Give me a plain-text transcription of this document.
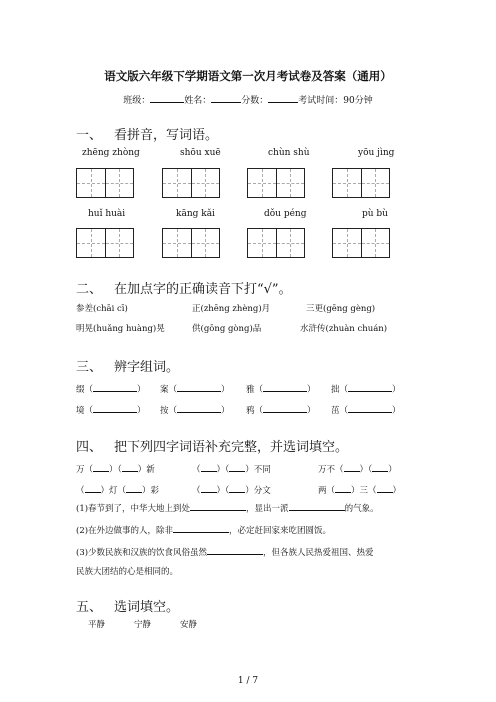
语文版六年级下学期语文第一次月考试卷及答案（通用）
班级：	姓名：	分数：	考试时间：90分钟
一、 看拼音，写词语。
zhēng zhòng	shōu xuē	chùn shù	yōu jìng
huǐ huài	kāng kǎi	dǒu péng	pù bù
二、 在加点字的正确读音下打“√”。
参差(chāi cī)	正(zhēng zhèng)月	三更(gēng gèng)
明晃(huǎng huàng)晃	供(gōng gòng)品	水浒传(zhuàn chuán)
三、 辨字组词。
缀（	） 案（	） 雅（	） 拙（	）
境（	） 按（	） 鸦（	） 茁（	）
四、 把下列四字词语补充完整，并选词填空。
万（ ）（ ）新	（ ）（ ）不同	万不（ ）（ ）
（ ）灯（ ）彩	（ ）（ ）分文	两（ ）三（ ）
(1)春节到了，中华大地上到处	，显出一派	的气象。
(2)在外边做事的人，除非	，必定赶回家来吃团圆饭。
(3)少数民族和汉族的饮食风俗虽然	，但各族人民热爱祖国、热爱
民族大团结的心是相同的。
五、 选词填空。
平静	宁静	安静
1 / 7
